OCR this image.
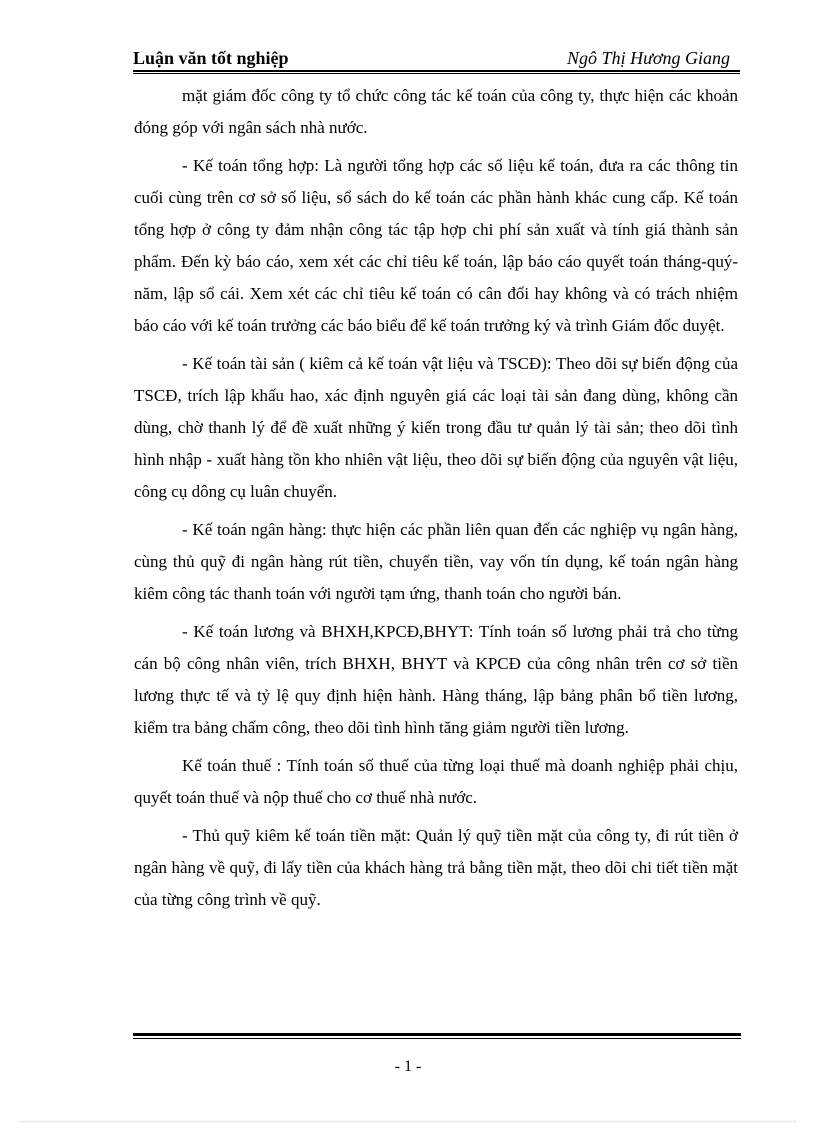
Luận văn tốt nghiệp	Ngô Thị Hương Giang

mặt giám đốc công ty tổ chức công tác kế toán của công ty, thực hiện các khoản đóng góp với ngân sách nhà nước.

- Kế toán tổng hợp: Là người tổng hợp các số liệu kế toán, đưa ra các thông tin cuối cùng trên cơ sở số liệu, sổ sách do kế toán các phần hành khác cung cấp. Kế toán tổng hợp ở công ty đảm nhận công tác tập hợp chi phí sản xuất và tính giá thành sản phẩm. Đến kỳ báo cáo, xem xét các chỉ tiêu kế toán, lập báo cáo quyết toán tháng-quý-năm, lập sổ cái. Xem xét các chỉ tiêu kế toán có cân đối hay không và có trách nhiệm báo cáo với kế toán trưởng các báo biểu để kế toán trưởng ký và trình Giám đốc duyệt.

- Kế toán tài sản ( kiêm cả kế toán vật liệu và TSCĐ): Theo dõi sự biến động của TSCĐ, trích lập khấu hao, xác định nguyên giá các loại tài sản đang dùng, không cần dùng, chờ thanh lý để đề xuất những ý kiến trong đầu tư quản lý tài sản; theo dõi tình hình nhập - xuất hàng tồn kho nhiên vật liệu, theo dõi sự biến động của nguyên vật liệu, công cụ dông cụ luân chuyển.

- Kế toán ngân hàng: thực hiện các phần liên quan đến các nghiệp vụ ngân hàng, cùng thủ quỹ đi ngân hàng rút tiền, chuyển tiền, vay vốn tín dụng, kế toán ngân hàng kiêm công tác thanh toán với người tạm ứng, thanh toán cho người bán.

- Kế toán lương và BHXH,KPCĐ,BHYT: Tính toán số lương phải trả cho từng cán bộ công nhân viên, trích BHXH, BHYT và KPCĐ của công nhân trên cơ sở tiền lương thực tế và tỷ lệ quy định hiện hành. Hàng tháng, lập bảng phân bổ tiền lương, kiểm tra bảng chấm công, theo dõi tình hình tăng giảm người tiền lương.

Kế toán thuế : Tính toán số thuế của từng loại thuế mà doanh nghiệp phải chịu, quyết toán thuế và nộp thuế cho cơ thuế nhà nước.

- Thủ quỹ kiêm kế toán tiền mặt: Quản lý quỹ tiền mặt của công ty, đi rút tiền ở ngân hàng về quỹ, đi lấy tiền của khách hàng trả bằng tiền mặt, theo dõi chi tiết tiền mặt của từng công trình về quỹ.

- 1 -
